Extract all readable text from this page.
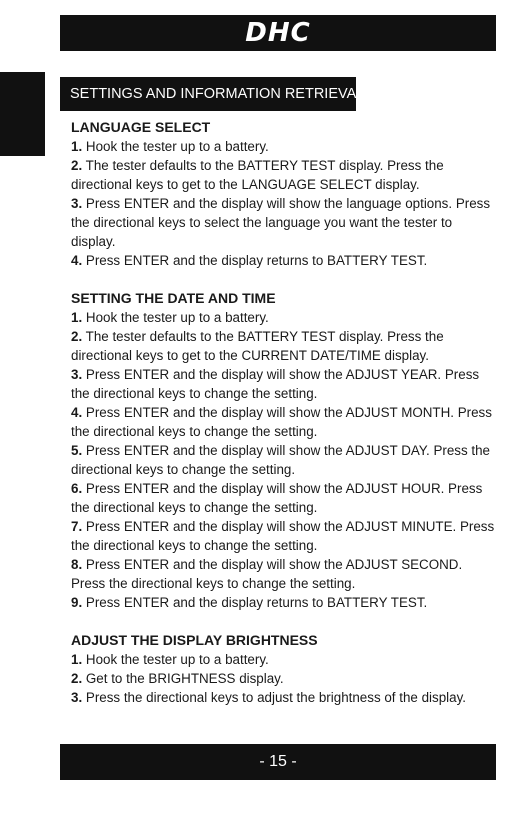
DHC
SETTINGS AND INFORMATION RETRIEVAL
LANGUAGE SELECT

1. Hook the tester up to a battery.

2. The tester defaults to the BATTERY TEST display. Press the directional keys to get to the LANGUAGE SELECT display.

3. Press ENTER and the display will show the language options. Press the directional keys to select the language you want the tester to display.

4. Press ENTER and the display returns to BATTERY TEST.

SETTING THE DATE AND TIME

1. Hook the tester up to a battery.

2. The tester defaults to the BATTERY TEST display. Press the directional keys to get to the CURRENT DATE/TIME display.

3. Press ENTER and the display will show the ADJUST YEAR. Press the directional keys to change the setting.

4. Press ENTER and the display will show the ADJUST MONTH. Press the directional keys to change the setting.

5. Press ENTER and the display will show the ADJUST DAY. Press the directional keys to change the setting.

6. Press ENTER and the display will show the ADJUST HOUR. Press the directional keys to change the setting.

7. Press ENTER and the display will show the ADJUST MINUTE. Press the directional keys to change the setting.

8. Press ENTER and the display will show the ADJUST SECOND. Press the directional keys to change the setting.

9. Press ENTER and the display returns to BATTERY TEST.

ADJUST THE DISPLAY BRIGHTNESS

1. Hook the tester up to a battery.

2. Get to the BRIGHTNESS display.

3. Press the directional keys to adjust the brightness of the display.

- 15 -
